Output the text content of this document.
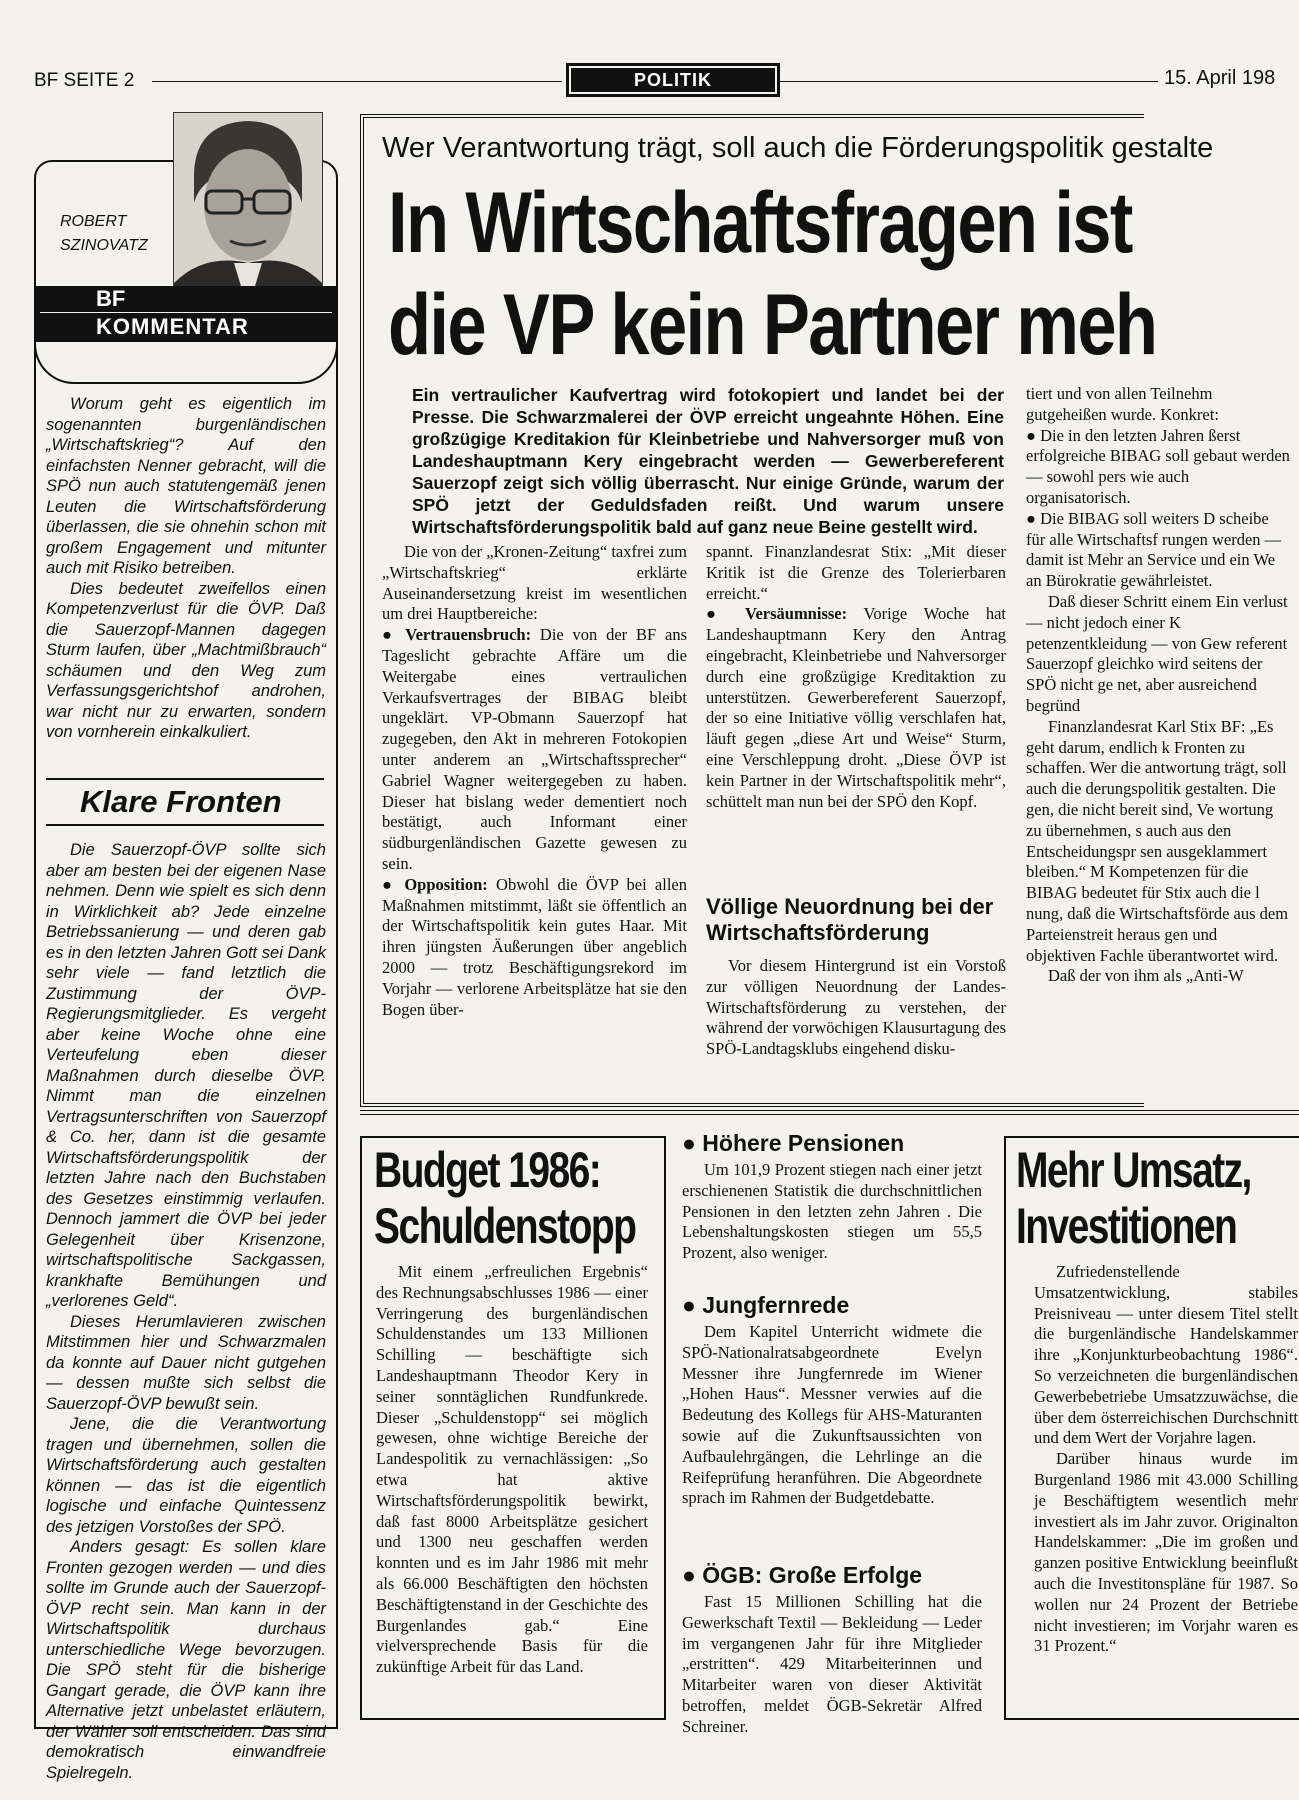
BF SEITE 2	POLITIK	15. April 198
ROBERT
SZINOVATZ
BF
KOMMENTAR

Worum geht es eigentlich im sogenannten burgenländischen „Wirtschaftskrieg“? Auf den einfachsten Nenner gebracht, will die SPÖ nun auch statutengemäß jenen Leuten die Wirtschaftsförderung überlassen, die sie ohnehin schon mit großem Engagement und mitunter auch mit Risiko betreiben.

Dies bedeutet zweifellos einen Kompetenzverlust für die ÖVP. Daß die Sauerzopf-Mannen dagegen Sturm laufen, über „Machtmißbrauch“ schäumen und den Weg zum Verfassungsgerichtshof androhen, war nicht nur zu erwarten, sondern von vornherein einkalkuliert.

Klare Fronten

Die Sauerzopf-ÖVP sollte sich aber am besten bei der eigenen Nase nehmen. Denn wie spielt es sich denn in Wirklichkeit ab? Jede einzelne Betriebssanierung — und deren gab es in den letzten Jahren Gott sei Dank sehr viele — fand letztlich die Zustimmung der ÖVP-Regierungsmitglieder. Es vergeht aber keine Woche ohne eine Verteufelung eben dieser Maßnahmen durch dieselbe ÖVP. Nimmt man die einzelnen Vertragsunterschriften von Sauerzopf & Co. her, dann ist die gesamte Wirtschaftsförderungspolitik der letzten Jahre nach den Buchstaben des Gesetzes einstimmig verlaufen. Dennoch jammert die ÖVP bei jeder Gelegenheit über Krisenzone, wirtschaftspolitische Sackgassen, krankhafte Bemühungen und „verlorenes Geld“.

Dieses Herumlavieren zwischen Mitstimmen hier und Schwarzmalen da konnte auf Dauer nicht gutgehen — dessen mußte sich selbst die Sauerzopf-ÖVP bewußt sein.

Jene, die die Verantwortung tragen und übernehmen, sollen die Wirtschaftsförderung auch gestalten können — das ist die eigentlich logische und einfache Quintessenz des jetzigen Vorstoßes der SPÖ.

Anders gesagt: Es sollen klare Fronten gezogen werden — und dies sollte im Grunde auch der Sauerzopf-ÖVP recht sein. Man kann in der Wirtschaftspolitik durchaus unterschiedliche Wege bevorzugen. Die SPÖ steht für die bisherige Gangart gerade, die ÖVP kann ihre Alternative jetzt unbelastet erläutern, der Wähler soll entscheiden. Das sind demokratisch einwandfreie Spielregeln.

Wer Verantwortung trägt, soll auch die Förderungspolitik gestalte
In Wirtschaftsfragen ist
die VP kein Partner meh
Ein vertraulicher Kaufvertrag wird fotokopiert und landet bei der Presse. Die Schwarzmalerei der ÖVP erreicht ungeahnte Höhen. Eine großzügige Kreditakion für Kleinbetriebe und Nahversorger muß von Landeshauptmann Kery eingebracht werden — Gewerbereferent Sauerzopf zeigt sich völlig überrascht. Nur einige Gründe, warum der SPÖ jetzt der Geduldsfaden reißt. Und warum unsere Wirtschaftsförderungspolitik bald auf ganz neue Beine gestellt wird.

Die von der „Kronen-Zeitung“ taxfrei zum „Wirtschaftskrieg“ erklärte Auseinandersetzung kreist im wesentlichen um drei Hauptbereiche:

● Vertrauensbruch: Die von der BF ans Tageslicht gebrachte Affäre um die Weitergabe eines vertraulichen Verkaufsvertrages der BIBAG bleibt ungeklärt. VP-Obmann Sauerzopf hat zugegeben, den Akt in mehreren Fotokopien unter anderem an „Wirtschaftssprecher“ Gabriel Wagner weitergegeben zu haben. Dieser hat bislang weder dementiert noch bestätigt, auch Informant einer südburgenländischen Gazette gewesen zu sein.

● Opposition: Obwohl die ÖVP bei allen Maßnahmen mitstimmt, läßt sie öffentlich an der Wirtschaftspolitik kein gutes Haar. Mit ihren jüngsten Äußerungen über angeblich 2000 — trotz Beschäftigungsrekord im Vorjahr — verlorene Arbeitsplätze hat sie den Bogen über-

spannt. Finanzlandesrat Stix: „Mit dieser Kritik ist die Grenze des Tolerierbaren erreicht.“

● Versäumnisse: Vorige Woche hat Landeshauptmann Kery den Antrag eingebracht, Kleinbetriebe und Nahversorger durch eine großzügige Kreditaktion zu unterstützen. Gewerbereferent Sauerzopf, der so eine Initiative völlig verschlafen hat, läuft gegen „diese Art und Weise“ Sturm, eine Verschleppung droht. „Diese ÖVP ist kein Partner in der Wirtschaftspolitik mehr“, schüttelt man nun bei der SPÖ den Kopf.

Völlige Neuordnung bei der Wirtschaftsförderung

Vor diesem Hintergrund ist ein Vorstoß zur völligen Neuordnung der Landes-Wirtschaftsförderung zu verstehen, der während der vorwöchigen Klausurtagung des SPÖ-Landtagsklubs eingehend disku-

tiert und von allen Teilnehm gutgeheißen wurde. Konkret:

● Die in den letzten Jahren ßerst erfolgreiche BIBAG soll gebaut werden — sowohl pers wie auch organisatorisch.

● Die BIBAG soll weiters D scheibe für alle Wirtschaftsf rungen werden — damit ist Mehr an Service und ein We an Bürokratie gewährleistet.

Daß dieser Schritt einem Ein verlust — nicht jedoch einer K petenzentkleidung — von Gew referent Sauerzopf gleichko wird seitens der SPÖ nicht ge net, aber ausreichend begründ

Finanzlandesrat Karl Stix BF: „Es geht darum, endlich k Fronten zu schaffen. Wer die antwortung trägt, soll auch die derungspolitik gestalten. Die gen, die nicht bereit sind, Ve wortung zu übernehmen, s auch aus den Entscheidungspr sen ausgeklammert bleiben.“ M Kompetenzen für die BIBAG bedeutet für Stix auch die l nung, daß die Wirtschaftsförde aus dem Parteienstreit heraus gen und objektiven Fachle überantwortet wird.

Daß der von ihm als „Anti-W

Budget 1986:
Schuldenstopp

Mit einem „erfreulichen Ergebnis“ des Rechnungsabschlusses 1986 — einer Verringerung des burgenländischen Schuldenstandes um 133 Millionen Schilling — beschäftigte sich Landeshauptmann Theodor Kery in seiner sonntäglichen Rundfunkrede. Dieser „Schuldenstopp“ sei möglich gewesen, ohne wichtige Bereiche der Landespolitik zu vernachlässigen: „So etwa hat aktive Wirtschaftsförderungspolitik bewirkt, daß fast 8000 Arbeitsplätze gesichert und 1300 neu geschaffen werden konnten und es im Jahr 1986 mit mehr als 66.000 Beschäftigten den höchsten Beschäftigtenstand in der Geschichte des Burgenlandes gab.“ Eine vielversprechende Basis für die zukünftige Arbeit für das Land.

● Höhere Pensionen

Um 101,9 Prozent stiegen nach einer jetzt erschienenen Statistik die durchschnittlichen Pensionen in den letzten zehn Jahren . Die Lebenshaltungskosten stiegen um 55,5 Prozent, also weniger.

● Jungfernrede

Dem Kapitel Unterricht widmete die SPÖ-Nationalratsabgeordnete Evelyn Messner ihre Jungfernrede im Wiener „Hohen Haus“. Messner verwies auf die Bedeutung des Kollegs für AHS-Maturanten sowie auf die Zukunftsaussichten von Aufbaulehrgängen, die Lehrlinge an die Reifeprüfung heranführen. Die Abgeordnete sprach im Rahmen der Budgetdebatte.

● ÖGB: Große Erfolge

Fast 15 Millionen Schilling hat die Gewerkschaft Textil — Bekleidung — Leder im vergangenen Jahr für ihre Mitglieder „erstritten“. 429 Mitarbeiterinnen und Mitarbeiter waren von dieser Aktivität betroffen, meldet ÖGB-Sekretär Alfred Schreiner.

Mehr Umsatz,
Investitionen

Zufriedenstellende Umsatzentwicklung, stabiles Preisniveau — unter diesem Titel stellt die burgenländische Handelskammer ihre „Konjunkturbeobachtung 1986“. So verzeichneten die burgenländischen Gewerbebetriebe Umsatzzuwächse, die über dem österreichischen Durchschnitt und dem Wert der Vorjahre lagen.

Darüber hinaus wurde im Burgenland 1986 mit 43.000 Schilling je Beschäftigtem wesentlich mehr investiert als im Jahr zuvor. Originalton Handelskammer: „Die im großen und ganzen positive Entwicklung beeinflußt auch die Investitonspläne für 1987. So wollen nur 24 Prozent der Betriebe nicht investieren; im Vorjahr waren es 31 Prozent.“
